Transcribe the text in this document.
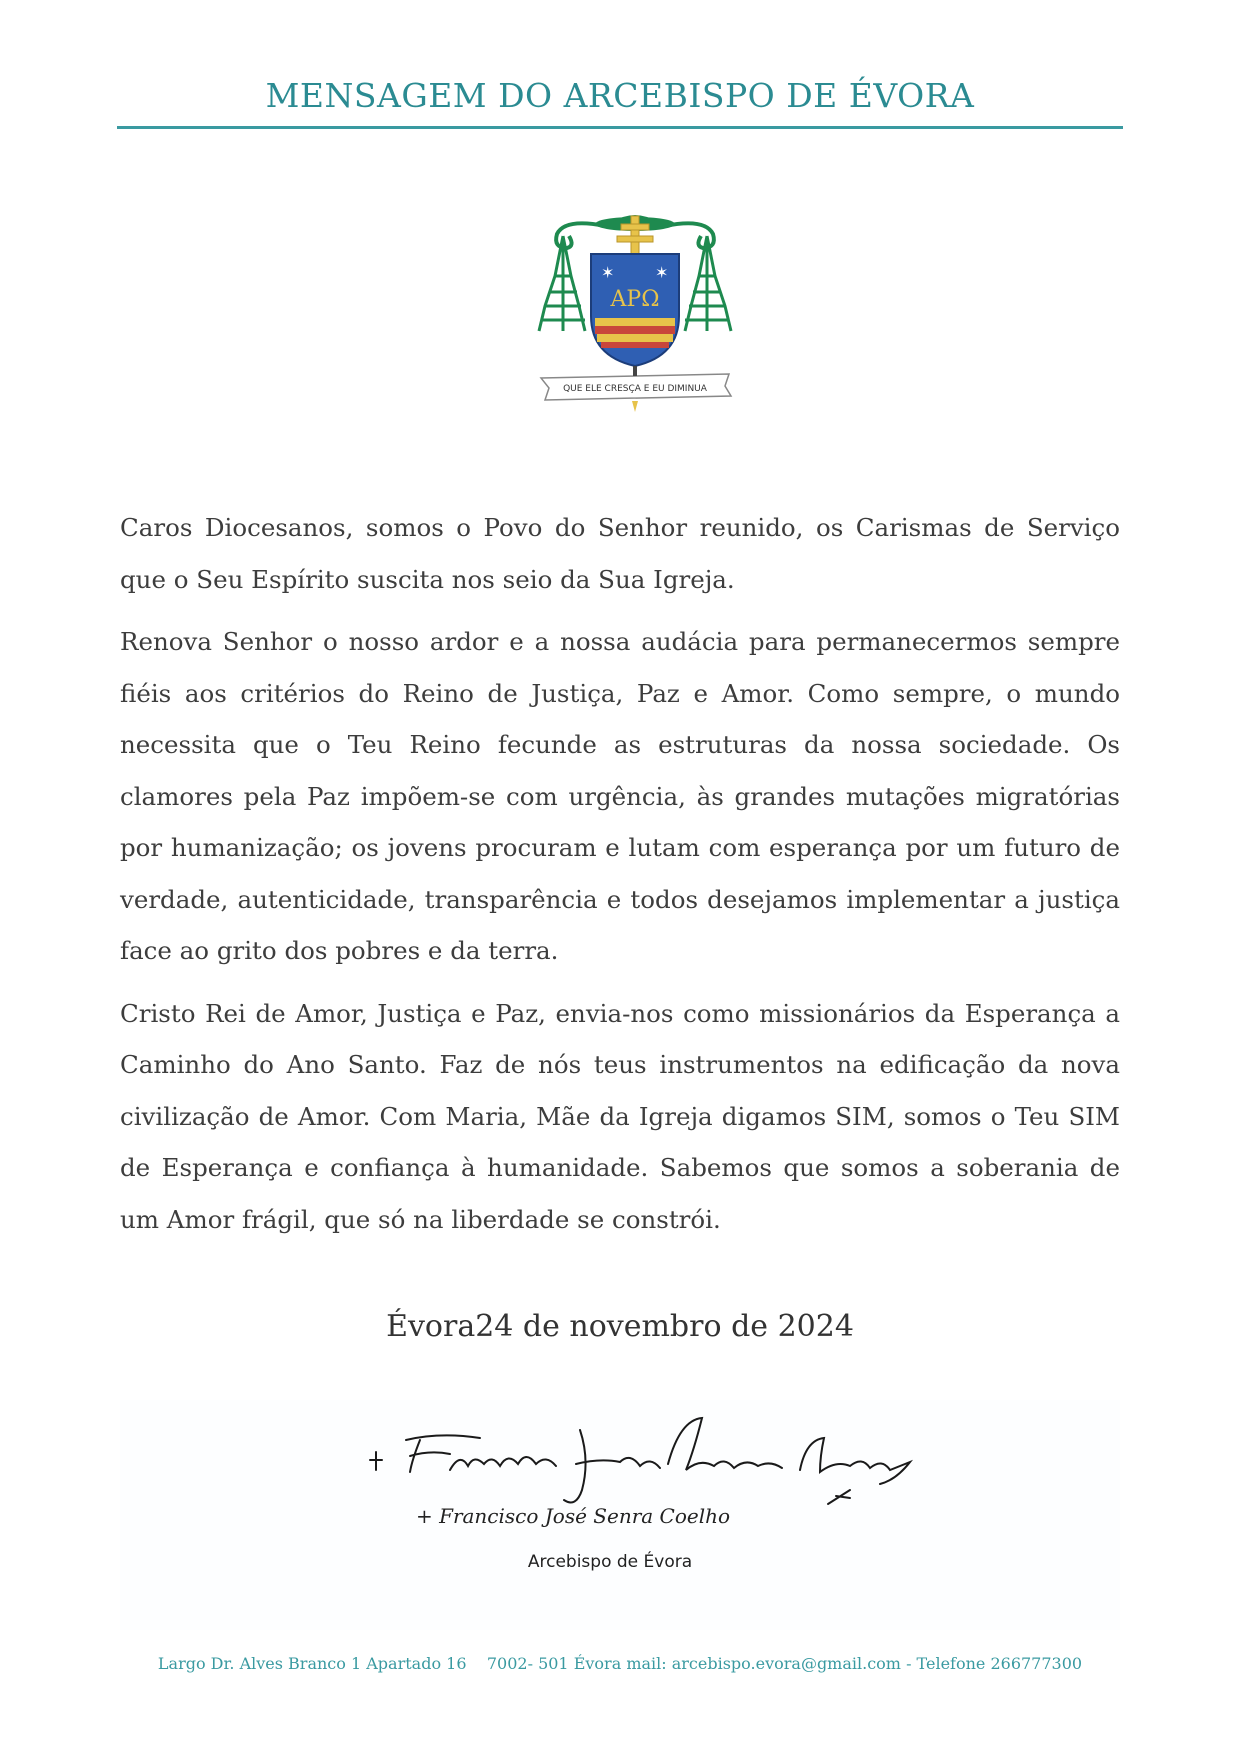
MENSAGEM DO ARCEBISPO DE ÉVORA
✶	✶
ΑΡΩ
QUE ELE CRESÇA E EU DIMINUA

Caros Diocesanos, somos o Povo do Senhor reunido, os Carismas de Serviço que o Seu Espírito suscita nos seio da Sua Igreja.

Renova Senhor o nosso ardor e a nossa audácia para permanecermos sempre fiéis aos critérios do Reino de Justiça, Paz e Amor. Como sempre, o mundo necessita que o Teu Reino fecunde as estruturas da nossa sociedade. Os clamores pela Paz impõem-se com urgência, às grandes mutações migratórias por humanização; os jovens procuram e lutam com esperança por um futuro de verdade, autenticidade, transparência e todos desejamos implementar a justiça face ao grito dos pobres e da terra.

Cristo Rei de Amor, Justiça e Paz, envia-nos como missionários da Esperança a Caminho do Ano Santo. Faz de nós teus instrumentos na edificação da nova civilização de Amor. Com Maria, Mãe da Igreja digamos SIM, somos o Teu SIM de Esperança e confiança à humanidade. Sabemos que somos a soberania de um Amor frágil, que só na liberdade se constrói.

Évora24 de novembro de 2024
+ Francisco José Senra Coelho
Arcebispo de Évora
Largo Dr. Alves Branco 1 Apartado 16    7002- 501 Évora mail: arcebispo.evora@gmail.com - Telefone 266777300
